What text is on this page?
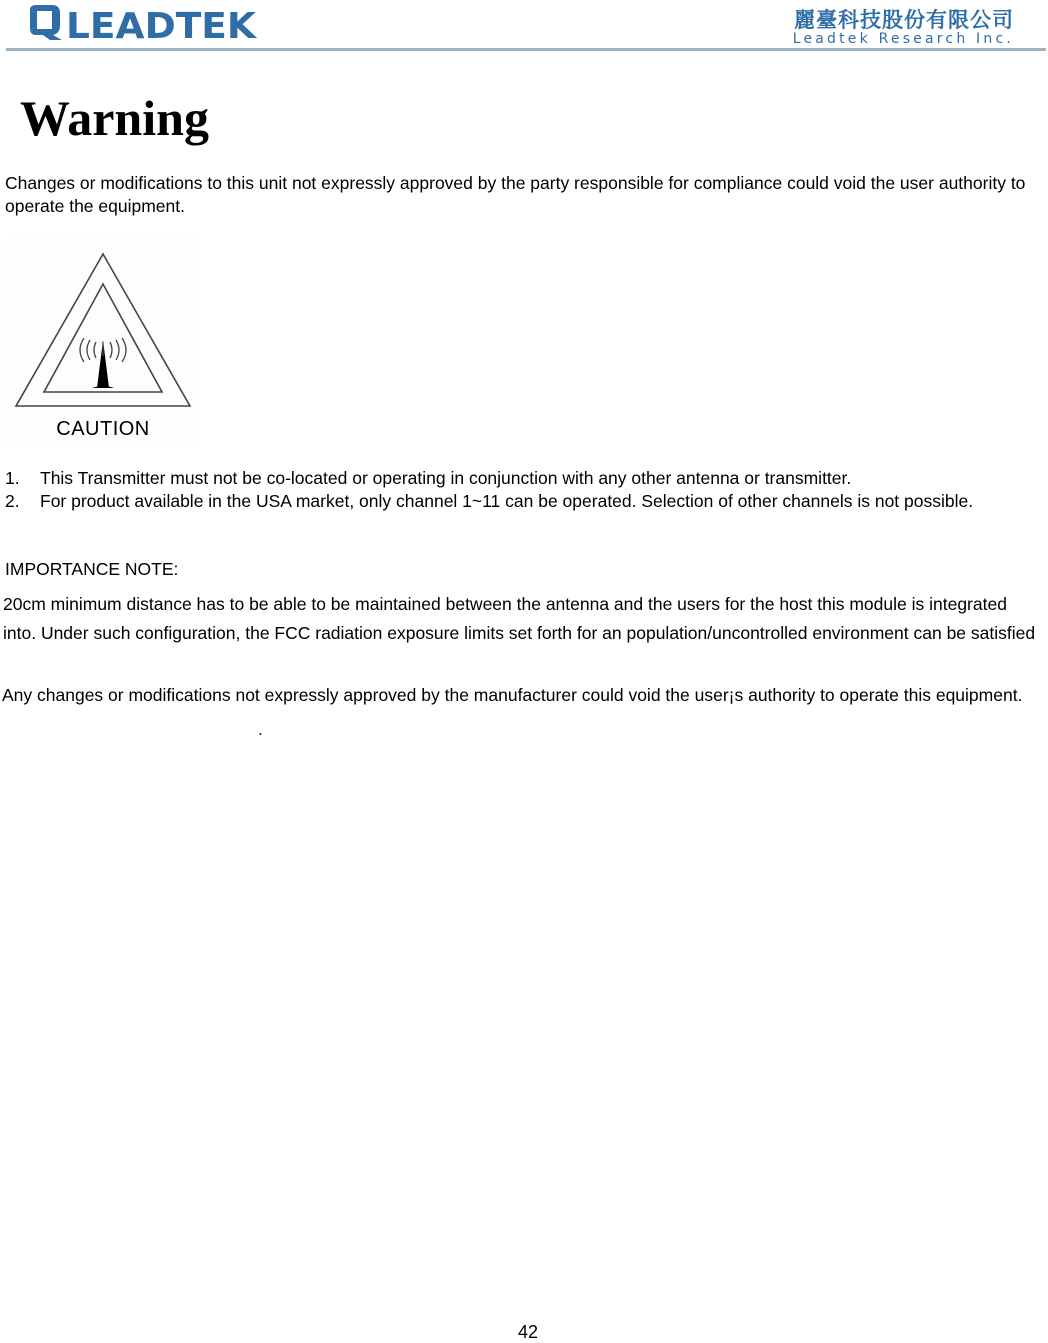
LEADTEK	麗臺科技股份有限公司
Leadtek Research Inc.
Warning

Changes or modifications to this unit not expressly approved by the party responsible for compliance could void the user authority to operate the equipment.

CAUTION
1. This Transmitter must not be co-located or operating in conjunction with any other antenna or transmitter.
2. For product available in the USA market, only channel 1~11 can be operated. Selection of other channels is not possible.
IMPORTANCE NOTE:

20cm minimum distance has to be able to be maintained between the antenna and the users for the host this module is integrated into. Under such configuration, the FCC radiation exposure limits set forth for an population/uncontrolled environment can be satisfied

Any changes or modifications not expressly approved by the manufacturer could void the user¡s authority to operate this equipment.

.
42
